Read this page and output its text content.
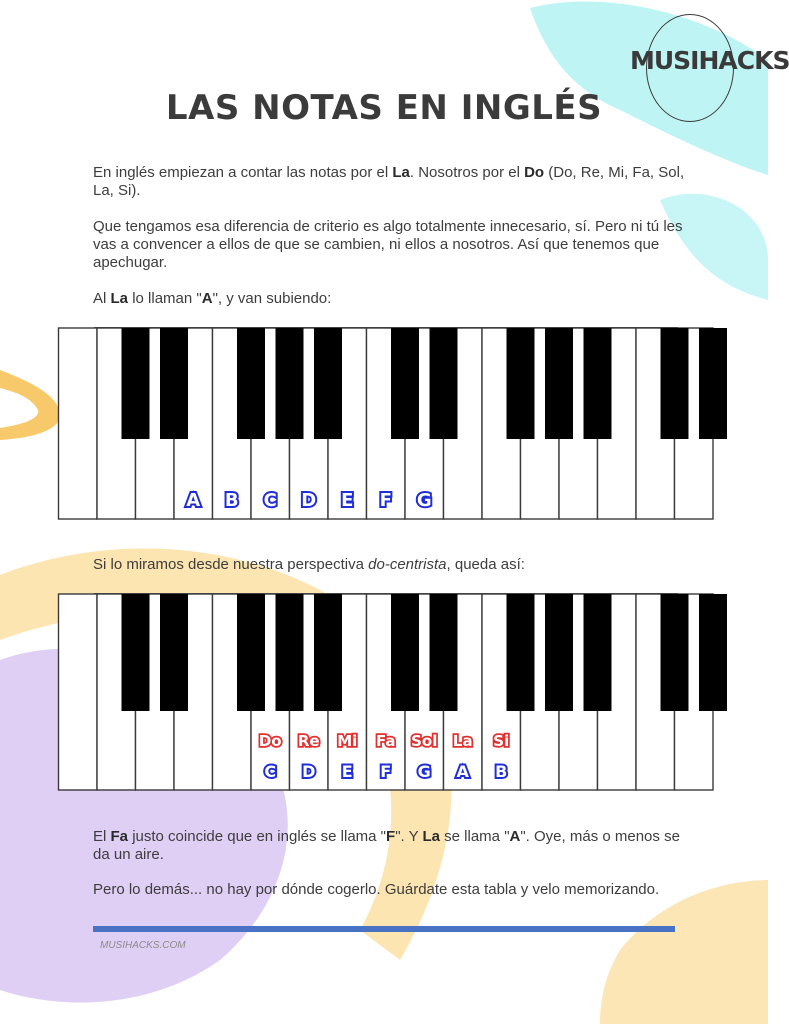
MUSIHACKS
LAS NOTAS EN INGLÉS

En inglés empiezan a contar las notas por el La. Nosotros por el Do (Do, Re, Mi, Fa, Sol, La, Si).

Que tengamos esa diferencia de criterio es algo totalmente innecesario, sí. Pero ni tú les vas a convencer a ellos de que se cambien, ni ellos a nosotros. Así que tenemos que apechugar.

Al La lo llaman "A", y van subiendo:

A B C D E F G

Si lo miramos desde nuestra perspectiva do-centrista, queda así:

Do Re Mi Fa Sol La Si
C D E F G A B

El Fa justo coincide que en inglés se llama "F". Y La se llama "A". Oye, más o menos se da un aire.

Pero lo demás... no hay por dónde cogerlo. Guárdate esta tabla y velo memorizando.

MUSIHACKS.COM
